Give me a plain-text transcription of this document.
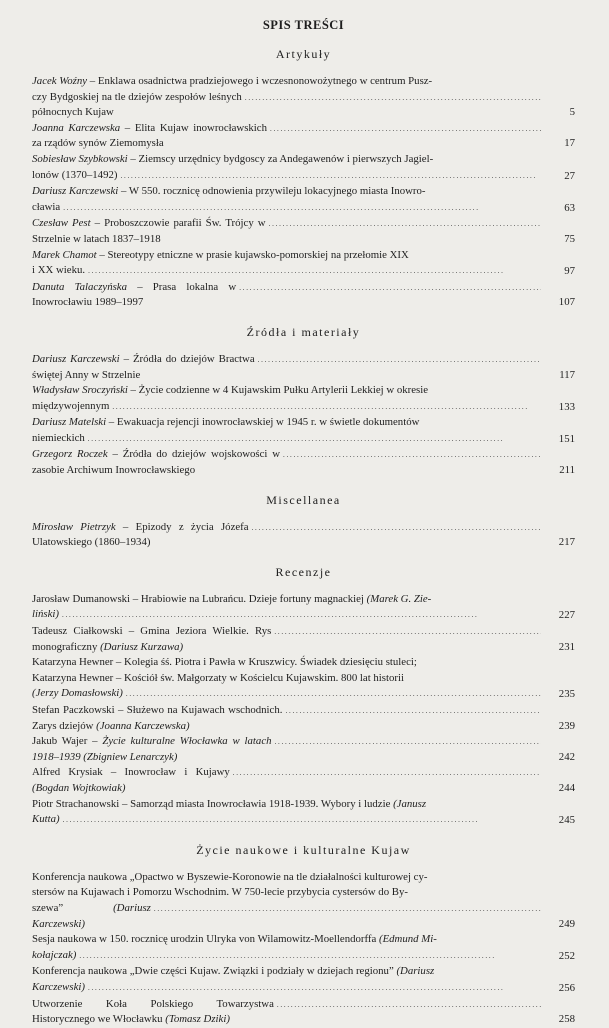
SPIS TREŚCI
Artykuły
Jacek Woźny – Enklawa osadnictwa pradziejowego i wczesnonowożytnego w centrum Pusz-
czy Bydgoskiej na tle dziejów zespołów leśnych północnych Kujaw
. . .	5
Joanna Karczewska – Elita Kujaw inowrocławskich za rządów synów Ziemomysła
. . .	17
Sobiesław Szybkowski – Ziemscy urzędnicy bydgoscy za Andegawenów i pierwszych Jagiel-
lonów (1370–1492) . . .	27
Dariusz Karczewski – W 550. rocznicę odnowienia przywileju lokacyjnego miasta Inowro-
cławia . . .	63
Czesław Pest – Proboszczowie parafii Św. Trójcy w Strzelnie w latach 1837–1918
. . .	75
Marek Chamot – Stereotypy etniczne w prasie kujawsko-pomorskiej na przełomie XIX
i XX wieku. . . .	97
Danuta Talaczyńska – Prasa lokalna w Inowrocławiu 1989–1997
. . .	107
Źródła i materiały
Dariusz Karczewski – Źródła do dziejów Bractwa świętej Anny w Strzelnie
. . .	117
Władysław Sroczyński – Życie codzienne w 4 Kujawskim Pułku Artylerii Lekkiej w okresie
międzywojennym . . .	133
Dariusz Matelski – Ewakuacja rejencji inowrocławskiej w 1945 r. w świetle dokumentów
niemieckich . . .	151
Grzegorz Roczek – Źródła do dziejów wojskowości w zasobie Archiwum Inowrocławskiego
. . .	211
Miscellanea
Mirosław Pietrzyk – Epizody z życia Józefa Ulatowskiego (1860–1934)
. . .	217
Recenzje
Jarosław Dumanowski – Hrabiowie na Lubrańcu. Dzieje fortuny magnackiej (Marek G. Zie-
liński) . . .	227
Tadeusz Ciałkowski – Gmina Jeziora Wielkie. Rys monograficzny (Dariusz Kurzawa)
. . .	231
Katarzyna Hewner – Kolegia śś. Piotra i Pawła w Kruszwicy. Świadek dziesięciu stuleci;
Katarzyna Hewner – Kościół św. Małgorzaty w Kościelcu Kujawskim. 800 lat historii
(Jerzy Domasłowski) . . .	235
Stefan Paczkowski – Służewo na Kujawach wschodnich. Zarys dziejów (Joanna Karczewska)
. . .	239
Jakub Wajer – Życie kulturalne Włocławka w latach 1918–1939 (Zbigniew Lenarczyk)
. . .	242
Alfred Krysiak – Inowrocław i Kujawy (Bogdan Wojtkowiak)
. . .	244
Piotr Strachanowski – Samorząd miasta Inowrocławia 1918-1939. Wybory i ludzie (Janusz
Kutta) . . .	245
Życie naukowe i kulturalne Kujaw
Konferencja naukowa „Opactwo w Byszewie-Koronowie na tle działalności kulturowej cy-
stersów na Kujawach i Pomorzu Wschodnim. W 750-lecie przybycia cystersów do By-
szewa” (Dariusz Karczewski)
. . .	249
Sesja naukowa w 150. rocznicę urodzin Ulryka von Wilamowitz-Moellendorffa (Edmund Mi-
kołajczak) . . .	252
Konferencja naukowa „Dwie części Kujaw. Związki i podziały w dziejach regionu” (Dariusz
Karczewski) . . .	256
Utworzenie Koła Polskiego Towarzystwa Historycznego we Włocławku (Tomasz Dziki)
. . .	258
